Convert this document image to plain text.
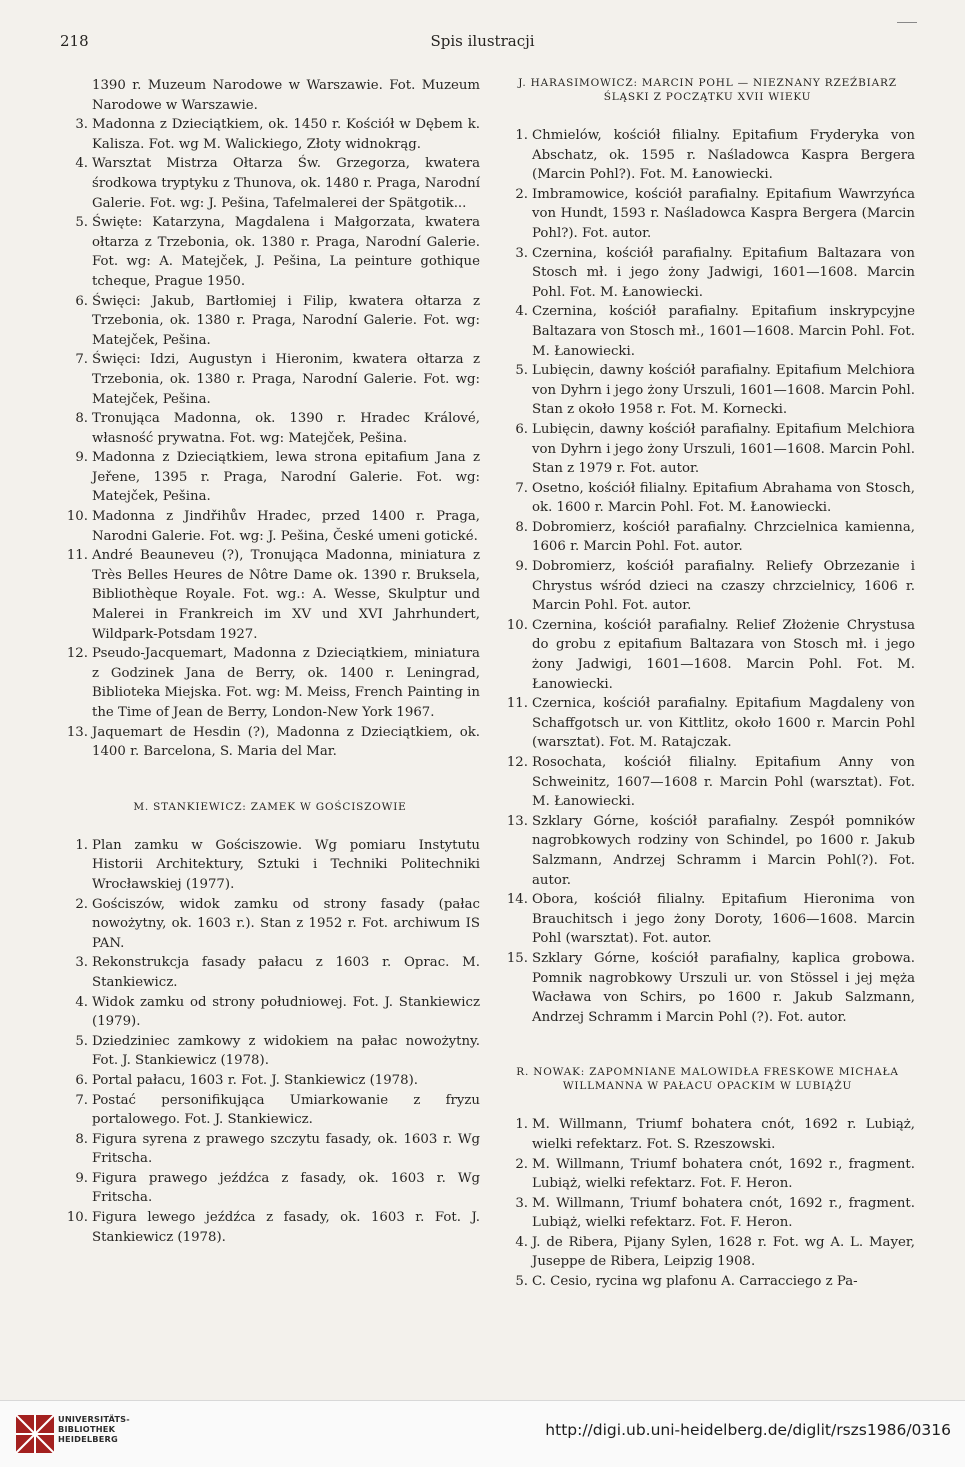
218	Spis ilustracji
1390 r. Muzeum Narodowe w Warszawie. Fot. Muzeum Narodowe w Warszawie.
3. Madonna z Dzieciątkiem, ok. 1450 r. Kościół w Dębem k. Kalisza. Fot. wg M. Walickiego, Złoty widnokrąg.
4. Warsztat Mistrza Ołtarza Św. Grzegorza, kwatera środkowa tryptyku z Thunova, ok. 1480 r. Praga, Narodní Galerie. Fot. wg: J. Pešina, Tafelmalerei der Spätgotik...
5. Święte: Katarzyna, Magdalena i Małgorzata, kwatera ołtarza z Trzebonia, ok. 1380 r. Praga, Narodní Galerie. Fot. wg: A. Matejček, J. Pešina, La peinture gothique tcheque, Prague 1950.
6. Święci: Jakub, Bartłomiej i Filip, kwatera ołtarza z Trzebonia, ok. 1380 r. Praga, Narodní Galerie. Fot. wg: Matejček, Pešina.
7. Święci: Idzi, Augustyn i Hieronim, kwatera ołtarza z Trzebonia, ok. 1380 r. Praga, Narodní Galerie. Fot. wg: Matejček, Pešina.
8. Tronująca Madonna, ok. 1390 r. Hradec Králové, własność prywatna. Fot. wg: Matejček, Pešina.
9. Madonna z Dzieciątkiem, lewa strona epitafium Jana z Jeřene, 1395 r. Praga, Narodní Galerie. Fot. wg: Matejček, Pešina.
10. Madonna z Jindřihův Hradec, przed 1400 r. Praga, Narodni Galerie. Fot. wg: J. Pešina, České umeni gotické.
11. André Beauneveu (?), Tronująca Madonna, miniatura z Très Belles Heures de Nôtre Dame ok. 1390 r. Bruksela, Bibliothèque Royale. Fot. wg.: A. Wesse, Skulptur und Malerei in Frankreich im XV und XVI Jahrhundert, Wildpark-Potsdam 1927.
12. Pseudo-Jacquemart, Madonna z Dzieciątkiem, miniatura z Godzinek Jana de Berry, ok. 1400 r. Leningrad, Biblioteka Miejska. Fot. wg: M. Meiss, French Painting in the Time of Jean de Berry, London-New York 1967.
13. Jaquemart de Hesdin (?), Madonna z Dzieciątkiem, ok. 1400 r. Barcelona, S. Maria del Mar.
M. STANKIEWICZ: ZAMEK W GOŚCISZOWIE
1. Plan zamku w Gościszowie. Wg pomiaru Instytutu Historii Architektury, Sztuki i Techniki Politechniki Wrocławskiej (1977).
2. Gościszów, widok zamku od strony fasady (pałac nowożytny, ok. 1603 r.). Stan z 1952 r. Fot. archiwum IS PAN.
3. Rekonstrukcja fasady pałacu z 1603 r. Oprac. M. Stankiewicz.
4. Widok zamku od strony południowej. Fot. J. Stankiewicz (1979).
5. Dziedziniec zamkowy z widokiem na pałac nowożytny. Fot. J. Stankiewicz (1978).
6. Portal pałacu, 1603 r. Fot. J. Stankiewicz (1978).
7. Postać personifikująca Umiarkowanie z fryzu portalowego. Fot. J. Stankiewicz.
8. Figura syrena z prawego szczytu fasady, ok. 1603 r. Wg Fritscha.
9. Figura prawego jeźdźca z fasady, ok. 1603 r. Wg Fritscha.
10. Figura lewego jeźdźca z fasady, ok. 1603 r. Fot. J. Stankiewicz (1978).
J. HARASIMOWICZ: MARCIN POHL — NIEZNANY RZEŹBIARZ ŚLĄSKI Z POCZĄTKU XVII WIEKU
1. Chmielów, kościół filialny. Epitafium Fryderyka von Abschatz, ok. 1595 r. Naśladowca Kaspra Bergera (Marcin Pohl?). Fot. M. Łanowiecki.
2. Imbramowice, kościół parafialny. Epitafium Wawrzyńca von Hundt, 1593 r. Naśladowca Kaspra Bergera (Marcin Pohl?). Fot. autor.
3. Czernina, kościół parafialny. Epitafium Baltazara von Stosch mł. i jego żony Jadwigi, 1601—1608. Marcin Pohl. Fot. M. Łanowiecki.
4. Czernina, kościół parafialny. Epitafium inskrypcyjne Baltazara von Stosch mł., 1601—1608. Marcin Pohl. Fot. M. Łanowiecki.
5. Lubięcin, dawny kościół parafialny. Epitafium Melchiora von Dyhrn i jego żony Urszuli, 1601—1608. Marcin Pohl. Stan z około 1958 r. Fot. M. Kornecki.
6. Lubięcin, dawny kościół parafialny. Epitafium Melchiora von Dyhrn i jego żony Urszuli, 1601—1608. Marcin Pohl. Stan z 1979 r. Fot. autor.
7. Osetno, kościół filialny. Epitafium Abrahama von Stosch, ok. 1600 r. Marcin Pohl. Fot. M. Łanowiecki.
8. Dobromierz, kościół parafialny. Chrzcielnica kamienna, 1606 r. Marcin Pohl. Fot. autor.
9. Dobromierz, kościół parafialny. Reliefy Obrzezanie i Chrystus wśród dzieci na czaszy chrzcielnicy, 1606 r. Marcin Pohl. Fot. autor.
10. Czernina, kościół parafialny. Relief Złożenie Chrystusa do grobu z epitafium Baltazara von Stosch mł. i jego żony Jadwigi, 1601—1608. Marcin Pohl. Fot. M. Łanowiecki.
11. Czernica, kościół parafialny. Epitafium Magdaleny von Schaffgotsch ur. von Kittlitz, około 1600 r. Marcin Pohl (warsztat). Fot. M. Ratajczak.
12. Rosochata, kościół filialny. Epitafium Anny von Schweinitz, 1607—1608 r. Marcin Pohl (warsztat). Fot. M. Łanowiecki.
13. Szklary Górne, kościół parafialny. Zespół pomników nagrobkowych rodziny von Schindel, po 1600 r. Jakub Salzmann, Andrzej Schramm i Marcin Pohl(?). Fot. autor.
14. Obora, kościół filialny. Epitafium Hieronima von Brauchitsch i jego żony Doroty, 1606—1608. Marcin Pohl (warsztat). Fot. autor.
15. Szklary Górne, kościół parafialny, kaplica grobowa. Pomnik nagrobkowy Urszuli ur. von Stössel i jej męża Wacława von Schirs, po 1600 r. Jakub Salzmann, Andrzej Schramm i Marcin Pohl (?). Fot. autor.
R. NOWAK: ZAPOMNIANE MALOWIDŁA FRESKOWE MICHAŁA WILLMANNA W PAŁACU OPACKIM W LUBIĄŻU
1. M. Willmann, Triumf bohatera cnót, 1692 r. Lubiąż, wielki refektarz. Fot. S. Rzeszowski.
2. M. Willmann, Triumf bohatera cnót, 1692 r., fragment. Lubiąż, wielki refektarz. Fot. F. Heron.
3. M. Willmann, Triumf bohatera cnót, 1692 r., fragment. Lubiąż, wielki refektarz. Fot. F. Heron.
4. J. de Ribera, Pijany Sylen, 1628 r. Fot. wg A. L. Mayer, Juseppe de Ribera, Leipzig 1908.
5. C. Cesio, rycina wg plafonu A. Carracciego z Pa-
UNIVERSITÄTS-
BIBLIOTHEK
HEIDELBERG	http://digi.ub.uni-heidelberg.de/diglit/rszs1986/0316
